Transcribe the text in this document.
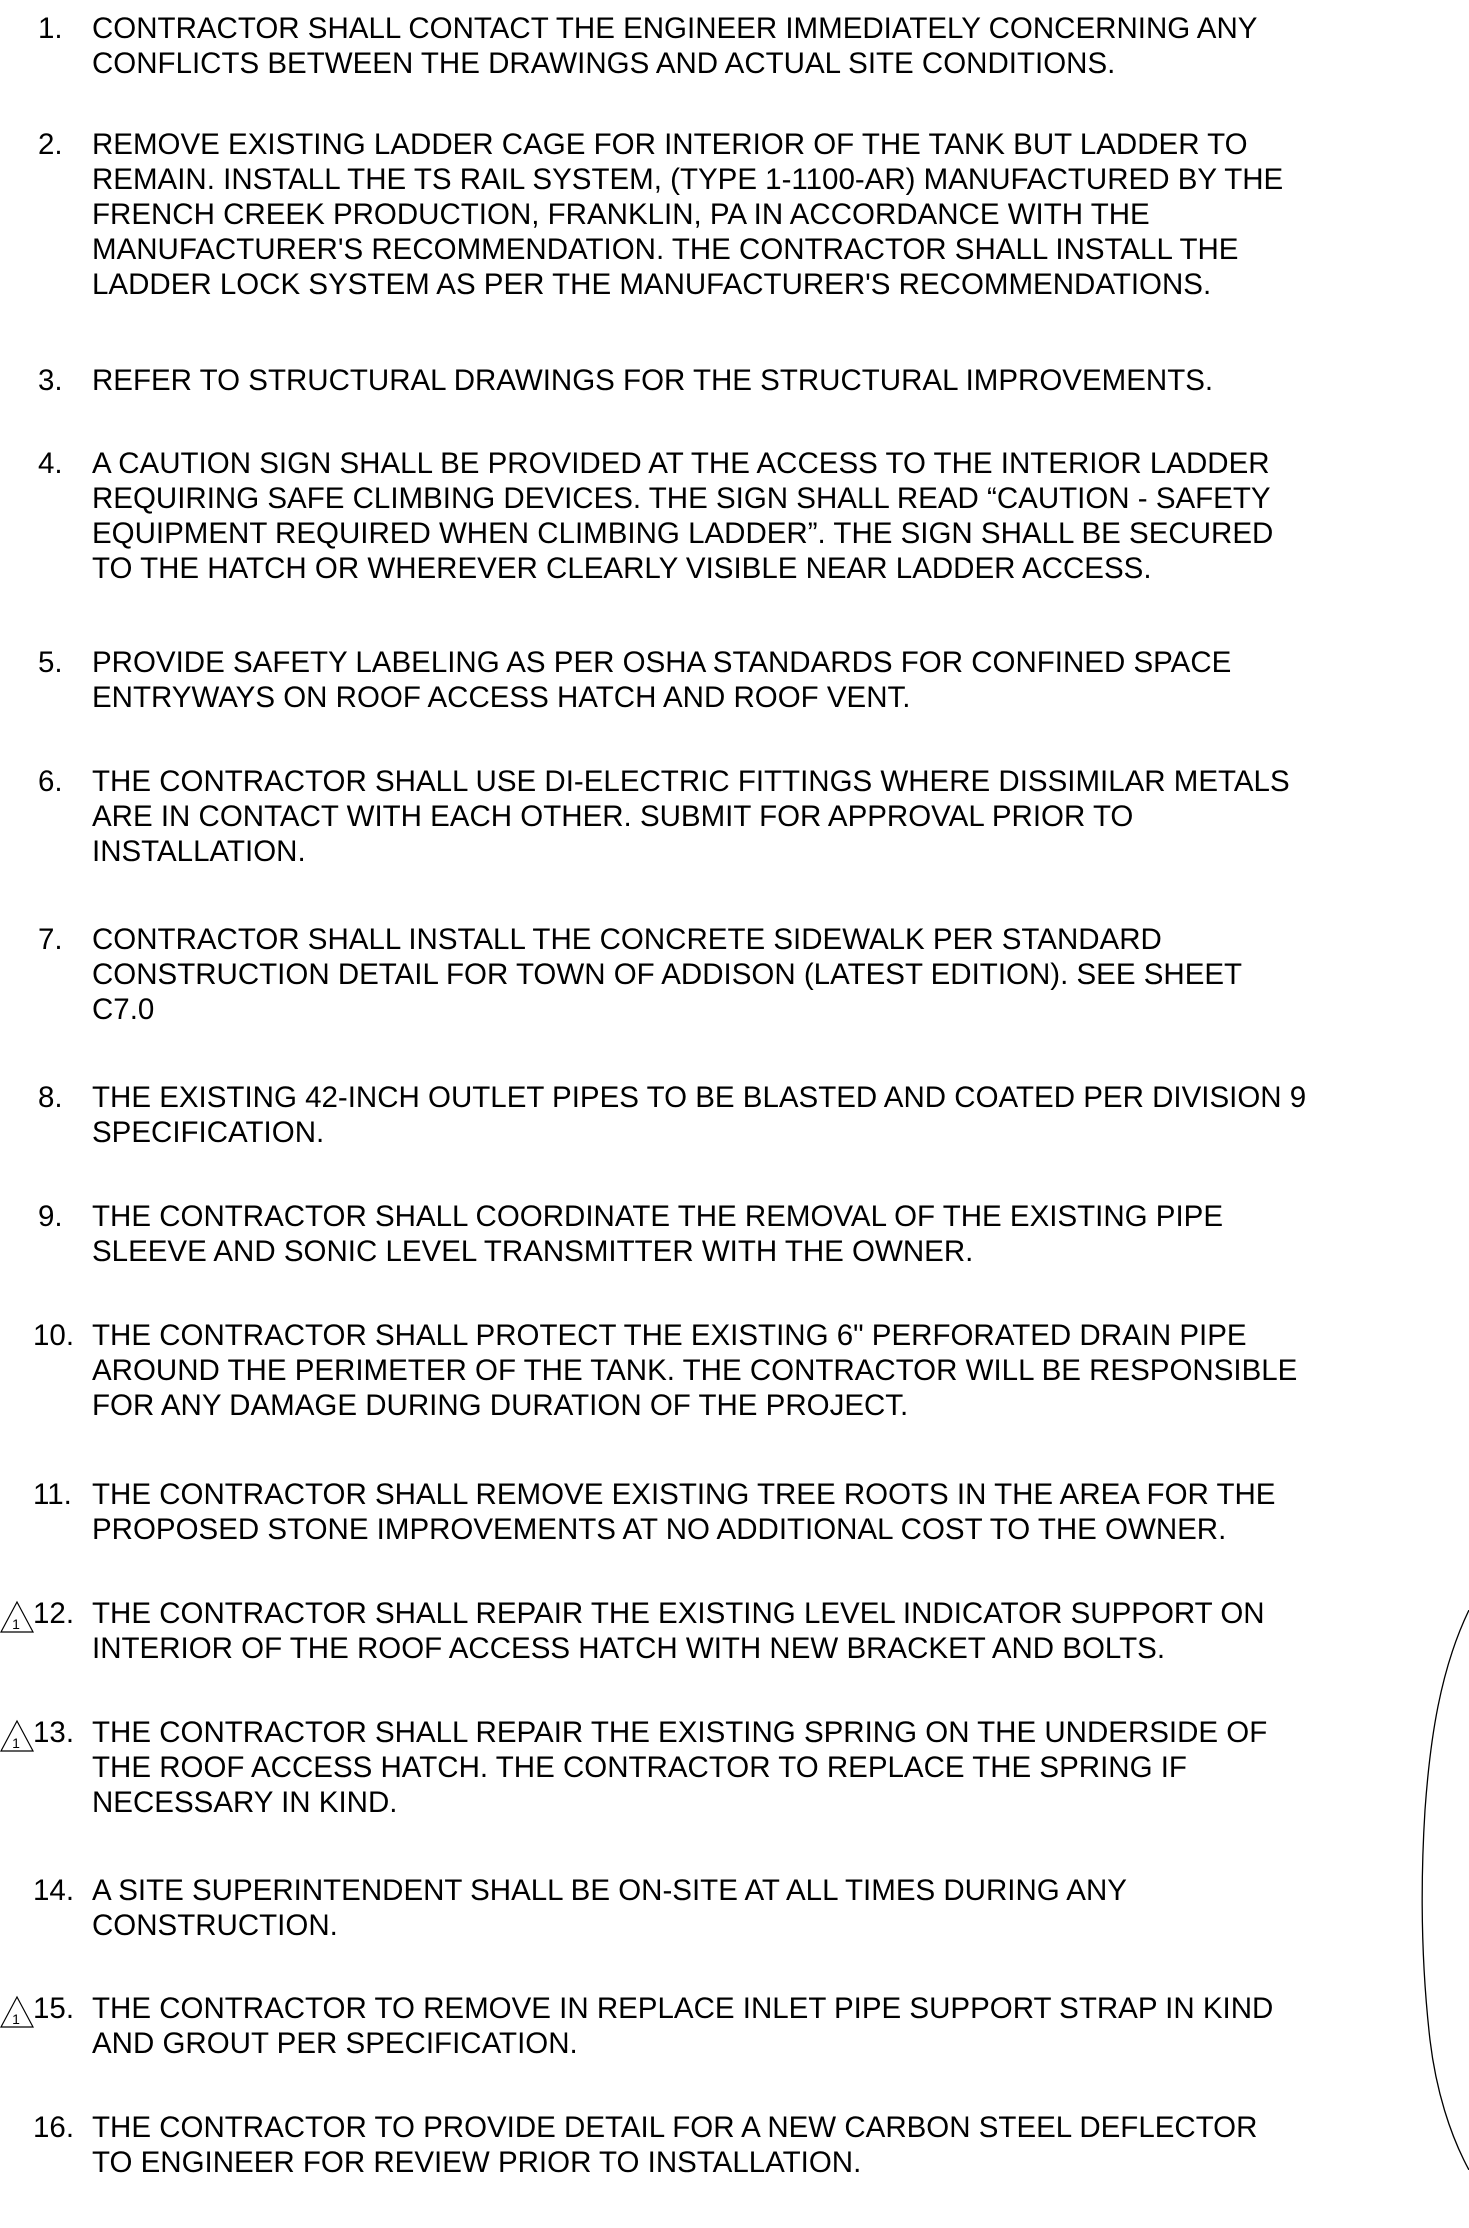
1. CONTRACTOR SHALL CONTACT THE ENGINEER IMMEDIATELY CONCERNING ANY
CONFLICTS BETWEEN THE DRAWINGS AND ACTUAL SITE CONDITIONS.
2. REMOVE EXISTING LADDER CAGE FOR INTERIOR OF THE TANK BUT LADDER TO
REMAIN. INSTALL THE TS RAIL SYSTEM, (TYPE 1-1100-AR) MANUFACTURED BY THE
FRENCH CREEK PRODUCTION, FRANKLIN, PA IN ACCORDANCE WITH THE
MANUFACTURER'S RECOMMENDATION. THE CONTRACTOR SHALL INSTALL THE
LADDER LOCK SYSTEM AS PER THE MANUFACTURER'S RECOMMENDATIONS.
3. REFER TO STRUCTURAL DRAWINGS FOR THE STRUCTURAL IMPROVEMENTS.
4. A CAUTION SIGN SHALL BE PROVIDED AT THE ACCESS TO THE INTERIOR LADDER
REQUIRING SAFE CLIMBING DEVICES. THE SIGN SHALL READ “CAUTION - SAFETY
EQUIPMENT REQUIRED WHEN CLIMBING LADDER”. THE SIGN SHALL BE SECURED
TO THE HATCH OR WHEREVER CLEARLY VISIBLE NEAR LADDER ACCESS.
5. PROVIDE SAFETY LABELING AS PER OSHA STANDARDS FOR CONFINED SPACE
ENTRYWAYS ON ROOF ACCESS HATCH AND ROOF VENT.
6. THE CONTRACTOR SHALL USE DI-ELECTRIC FITTINGS WHERE DISSIMILAR METALS
ARE IN CONTACT WITH EACH OTHER. SUBMIT FOR APPROVAL PRIOR TO
INSTALLATION.
7. CONTRACTOR SHALL INSTALL THE CONCRETE SIDEWALK PER STANDARD
CONSTRUCTION DETAIL FOR TOWN OF ADDISON (LATEST EDITION). SEE SHEET
C7.0
8. THE EXISTING 42-INCH OUTLET PIPES TO BE BLASTED AND COATED PER DIVISION 9
SPECIFICATION.
9. THE CONTRACTOR SHALL COORDINATE THE REMOVAL OF THE EXISTING PIPE
SLEEVE AND SONIC LEVEL TRANSMITTER WITH THE OWNER.
10. THE CONTRACTOR SHALL PROTECT THE EXISTING 6" PERFORATED DRAIN PIPE
AROUND THE PERIMETER OF THE TANK. THE CONTRACTOR WILL BE RESPONSIBLE
FOR ANY DAMAGE DURING DURATION OF THE PROJECT.
11. THE CONTRACTOR SHALL REMOVE EXISTING TREE ROOTS IN THE AREA FOR THE
PROPOSED STONE IMPROVEMENTS AT NO ADDITIONAL COST TO THE OWNER.
12. THE CONTRACTOR SHALL REPAIR THE EXISTING LEVEL INDICATOR SUPPORT ON
INTERIOR OF THE ROOF ACCESS HATCH WITH NEW BRACKET AND BOLTS.
13. THE CONTRACTOR SHALL REPAIR THE EXISTING SPRING ON THE UNDERSIDE OF
THE ROOF ACCESS HATCH. THE CONTRACTOR TO REPLACE THE SPRING IF
NECESSARY IN KIND.
14. A SITE SUPERINTENDENT SHALL BE ON-SITE AT ALL TIMES DURING ANY
CONSTRUCTION.
15. THE CONTRACTOR TO REMOVE IN REPLACE INLET PIPE SUPPORT STRAP IN KIND
AND GROUT PER SPECIFICATION.
16. THE CONTRACTOR TO PROVIDE DETAIL FOR A NEW CARBON STEEL DEFLECTOR
TO ENGINEER FOR REVIEW PRIOR TO INSTALLATION.
1
1
1
